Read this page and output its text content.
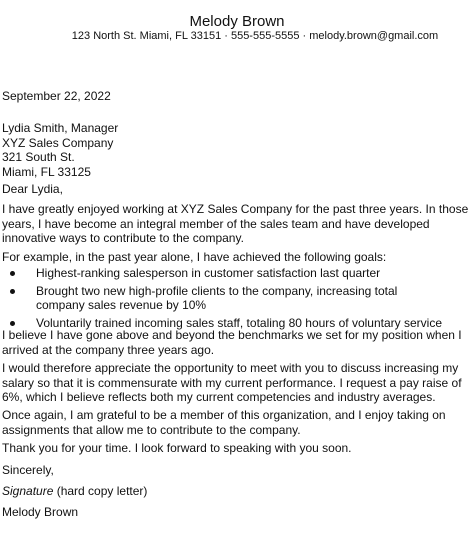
Melody Brown
123 North St. Miami, FL 33151 · 555-555-5555 · melody.brown@gmail.com

September 22, 2022

Lydia Smith, Manager
XYZ Sales Company
321 South St.
Miami, FL 33125

Dear Lydia,

I have greatly enjoyed working at XYZ Sales Company for the past three years. In those years, I have become an integral member of the sales team and have developed innovative ways to contribute to the company.

For example, in the past year alone, I have achieved the following goals:

Highest-ranking salesperson in customer satisfaction last quarter
Brought two new high-profile clients to the company, increasing total company sales revenue by 10%
Voluntarily trained incoming sales staff, totaling 80 hours of voluntary service

I believe I have gone above and beyond the benchmarks we set for my position when I arrived at the company three years ago.

I would therefore appreciate the opportunity to meet with you to discuss increasing my salary so that it is commensurate with my current performance. I request a pay raise of 6%, which I believe reflects both my current competencies and industry averages.

Once again, I am grateful to be a member of this organization, and I enjoy taking on assignments that allow me to contribute to the company.

Thank you for your time. I look forward to speaking with you soon.

Sincerely,

Signature (hard copy letter)

Melody Brown
